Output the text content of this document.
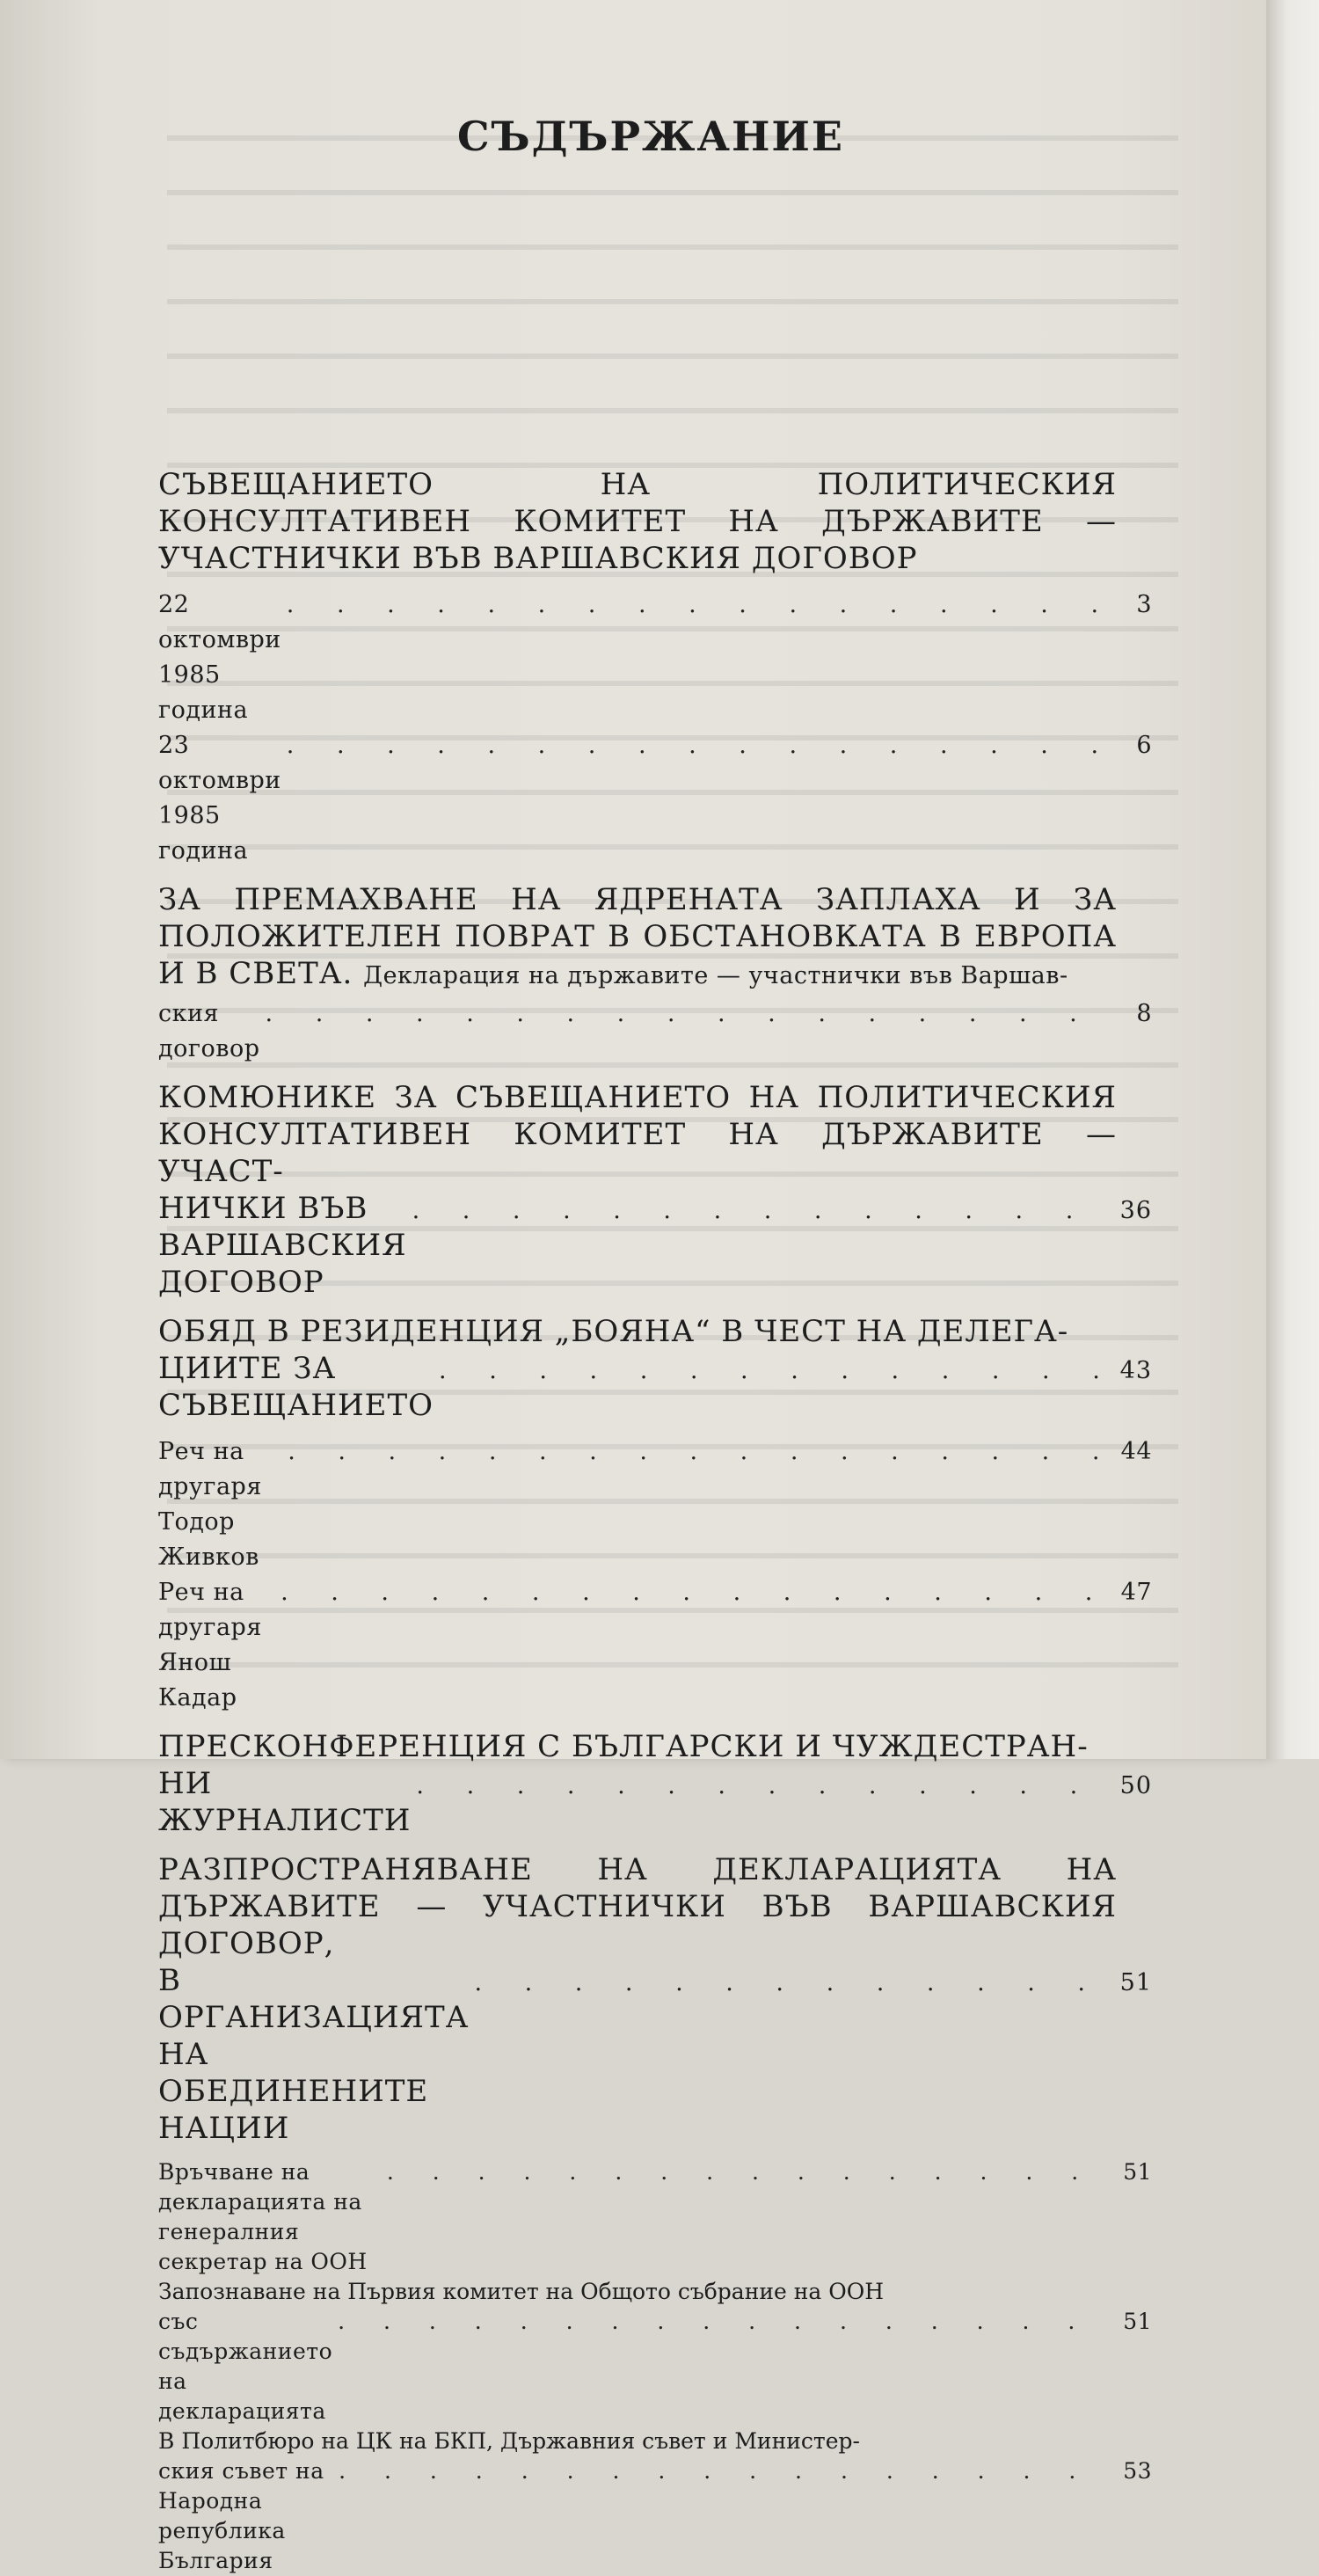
СЪДЪРЖАНИЕ
СЪВЕЩАНИЕТО НА ПОЛИТИЧЕСКИЯ КОНСУЛТАТИВЕН КОМИТЕТ НА ДЪРЖАВИТЕ — УЧАСТНИЧКИ ВЪВ ВАРШАВСКИЯ ДОГОВОР
22 октомври 1985 година
. . .
3
23 октомври 1985 година
. . .
6
ЗА ПРЕМАХВАНЕ НА ЯДРЕНАТА ЗАПЛАХА И ЗА ПОЛОЖИТЕЛЕН ПОВРАТ В ОБСТАНОВКАТА В ЕВРОПА И В СВЕТА. Декларация на държавите — участнички във Варшав-
ския договор
. . .
8
КОМЮНИКЕ ЗА СЪВЕЩАНИЕТО НА ПОЛИТИЧЕСКИЯ КОНСУЛТАТИВЕН КОМИТЕТ НА ДЪРЖАВИТЕ — УЧАСТ-
НИЧКИ ВЪВ ВАРШАВСКИЯ ДОГОВОР
. . .
36
ОБЯД В РЕЗИДЕНЦИЯ „БОЯНА“ В ЧЕСТ НА ДЕЛЕГА-
ЦИИТЕ ЗА СЪВЕЩАНИЕТО
. . .
43
Реч на другаря Тодор Живков
. . .
44
Реч на другаря Янош Кадар
. . .
47
ПРЕСКОНФЕРЕНЦИЯ С БЪЛГАРСКИ И ЧУЖДЕСТРАН-
НИ ЖУРНАЛИСТИ
. . .
50
РАЗПРОСТРАНЯВАНЕ НА ДЕКЛАРАЦИЯТА НА ДЪРЖАВИТЕ — УЧАСТНИЧКИ ВЪВ ВАРШАВСКИЯ ДОГОВОР,
В ОРГАНИЗАЦИЯТА НА ОБЕДИНЕНИТЕ НАЦИИ
. . .
51
Връчване на декларацията на генералния секретар на ООН
. . .
51
Запознаване на Първия комитет на Общото събрание на ООН
със съдържанието на декларацията
. . .
51
В Политбюро на ЦК на БКП, Държавния съвет и Министер-
ския съвет на Народна република България
. . .
53
